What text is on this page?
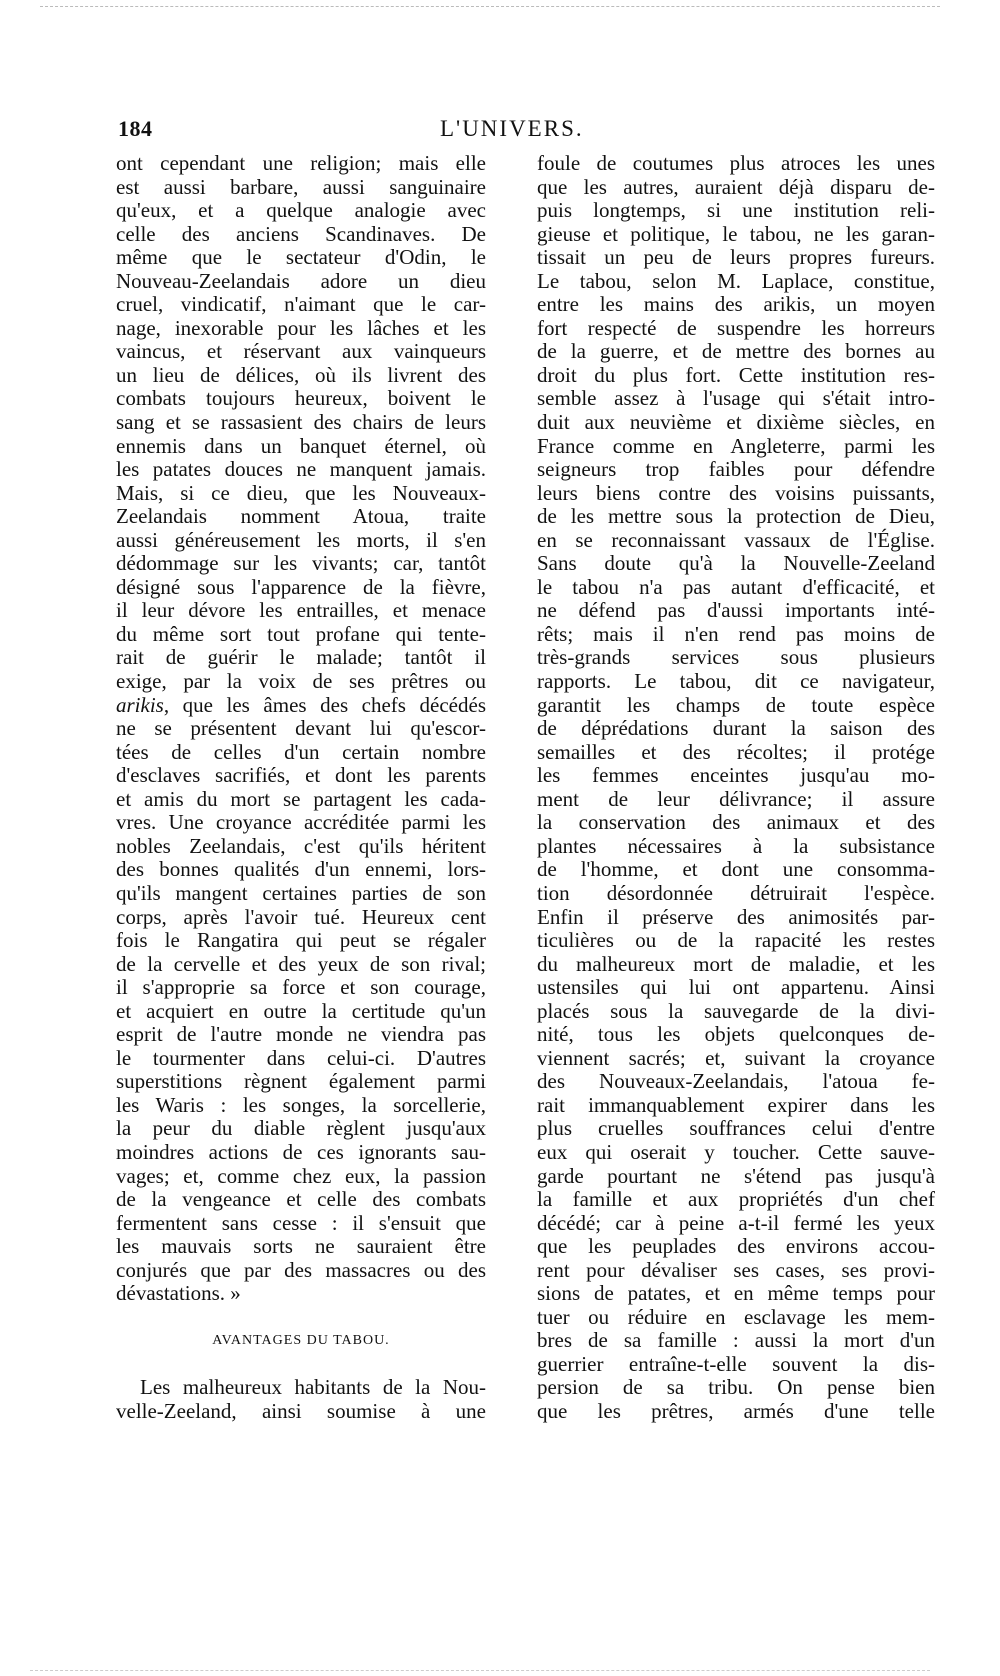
184	L'UNIVERS.
ont cependant une religion; mais elle
est aussi barbare, aussi sanguinaire
qu'eux, et a quelque analogie avec
celle des anciens Scandinaves. De
même que le sectateur d'Odin, le
Nouveau-Zeelandais adore un dieu
cruel, vindicatif, n'aimant que le car-
nage, inexorable pour les lâches et les
vaincus, et réservant aux vainqueurs
un lieu de délices, où ils livrent des
combats toujours heureux, boivent le
sang et se rassasient des chairs de leurs
ennemis dans un banquet éternel, où
les patates douces ne manquent jamais.
Mais, si ce dieu, que les Nouveaux-
Zeelandais nomment Atoua, traite
aussi généreusement les morts, il s'en
dédommage sur les vivants; car, tantôt
désigné sous l'apparence de la fièvre,
il leur dévore les entrailles, et menace
du même sort tout profane qui tente-
rait de guérir le malade; tantôt il
exige, par la voix de ses prêtres ou
arikis, que les âmes des chefs décédés
ne se présentent devant lui qu'escor-
tées de celles d'un certain nombre
d'esclaves sacrifiés, et dont les parents
et amis du mort se partagent les cada-
vres. Une croyance accréditée parmi les
nobles Zeelandais, c'est qu'ils héritent
des bonnes qualités d'un ennemi, lors-
qu'ils mangent certaines parties de son
corps, après l'avoir tué. Heureux cent
fois le Rangatira qui peut se régaler
de la cervelle et des yeux de son rival;
il s'approprie sa force et son courage,
et acquiert en outre la certitude qu'un
esprit de l'autre monde ne viendra pas
le tourmenter dans celui-ci. D'autres
superstitions règnent également parmi
les Waris : les songes, la sorcellerie,
la peur du diable règlent jusqu'aux
moindres actions de ces ignorants sau-
vages; et, comme chez eux, la passion
de la vengeance et celle des combats
fermentent sans cesse : il s'ensuit que
les mauvais sorts ne sauraient être
conjurés que par des massacres ou des
dévastations. »
AVANTAGES DU TABOU.
Les malheureux habitants de la Nou-
velle-Zeeland, ainsi soumise à une
foule de coutumes plus atroces les unes
que les autres, auraient déjà disparu de-
puis longtemps, si une institution reli-
gieuse et politique, le tabou, ne les garan-
tissait un peu de leurs propres fureurs.
Le tabou, selon M. Laplace, constitue,
entre les mains des arikis, un moyen
fort respecté de suspendre les horreurs
de la guerre, et de mettre des bornes au
droit du plus fort. Cette institution res-
semble assez à l'usage qui s'était intro-
duit aux neuvième et dixième siècles, en
France comme en Angleterre, parmi les
seigneurs trop faibles pour défendre
leurs biens contre des voisins puissants,
de les mettre sous la protection de Dieu,
en se reconnaissant vassaux de l'Église.
Sans doute qu'à la Nouvelle-Zeeland
le tabou n'a pas autant d'efficacité, et
ne défend pas d'aussi importants inté-
rêts; mais il n'en rend pas moins de
très-grands services sous plusieurs
rapports. Le tabou, dit ce navigateur,
garantit les champs de toute espèce
de déprédations durant la saison des
semailles et des récoltes; il protége
les femmes enceintes jusqu'au mo-
ment de leur délivrance; il assure
la conservation des animaux et des
plantes nécessaires à la subsistance
de l'homme, et dont une consomma-
tion désordonnée détruirait l'espèce.
Enfin il préserve des animosités par-
ticulières ou de la rapacité les restes
du malheureux mort de maladie, et les
ustensiles qui lui ont appartenu. Ainsi
placés sous la sauvegarde de la divi-
nité, tous les objets quelconques de-
viennent sacrés; et, suivant la croyance
des Nouveaux-Zeelandais, l'atoua fe-
rait immanquablement expirer dans les
plus cruelles souffrances celui d'entre
eux qui oserait y toucher. Cette sauve-
garde pourtant ne s'étend pas jusqu'à
la famille et aux propriétés d'un chef
décédé; car à peine a-t-il fermé les yeux
que les peuplades des environs accou-
rent pour dévaliser ses cases, ses provi-
sions de patates, et en même temps pour
tuer ou réduire en esclavage les mem-
bres de sa famille : aussi la mort d'un
guerrier entraîne-t-elle souvent la dis-
persion de sa tribu. On pense bien
que les prêtres, armés d'une telle
